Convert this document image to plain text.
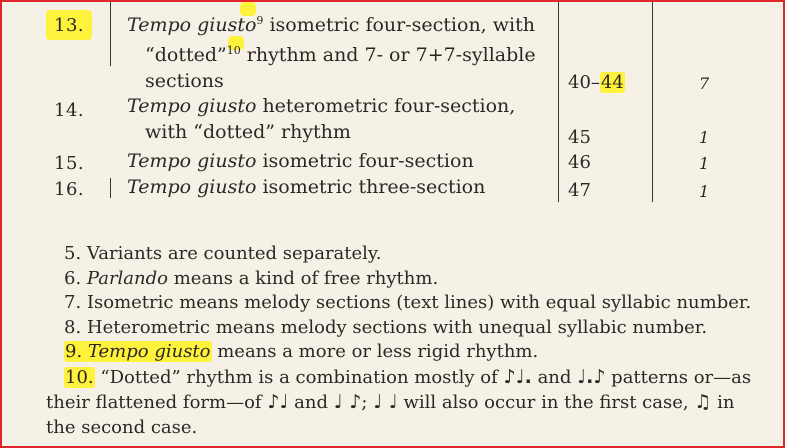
13. Tempo giusto$^9$ isometric four-section, with
“dotted”$^{10}$ rhythm and 7- or 7+7-syllable
sections	40–44	7
14. Tempo giusto heterometric four-section,
with “dotted” rhythm	45	1
15. Tempo giusto isometric four-section	46	1
16. Tempo giusto isometric three-section	47	1
5. Variants are counted separately.
6. Parlando means a kind of free rhythm.
7. Isometric means melody sections (text lines) with equal syllabic number.
8. Heterometric means melody sections with unequal syllabic number.
9. Tempo giusto means a more or less rigid rhythm.
10. “Dotted” rhythm is a combination mostly of ♪♩. and ♩.♪ patterns or—as
their flattened form—of ♪♩ and ♩ ♪; ♩ ♩ will also occur in the first case, ♫ in
the second case.
